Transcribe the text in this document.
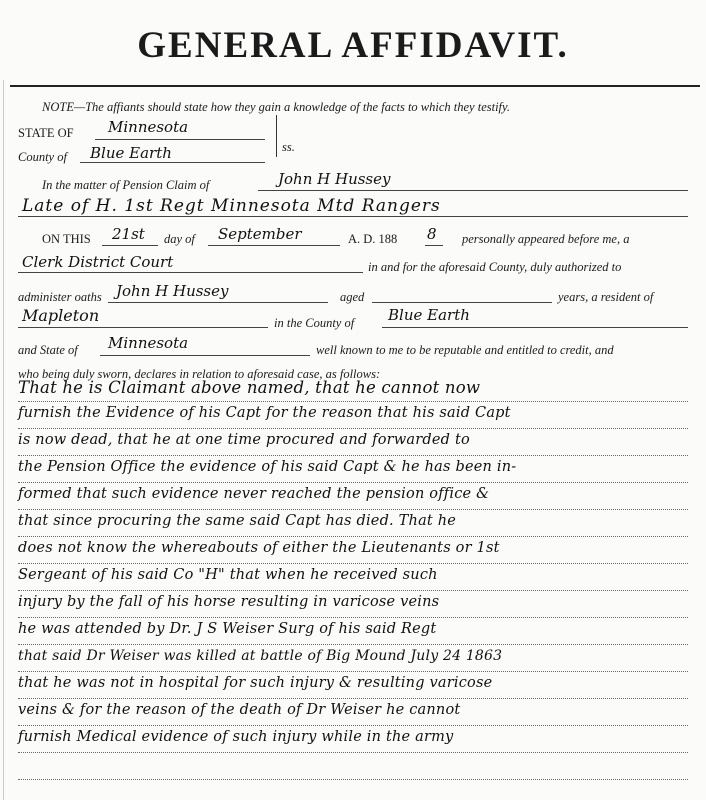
GENERAL AFFIDAVIT.
NOTE—The affiants should state how they gain a knowledge of the facts to which they testify.
STATE OF Minnesota
County of Blue Earth	ss.
In the matter of Pension Claim of	John H Hussey
Late of H. 1st Regt Minnesota Mtd Rangers
ON THIS 21st day of September	A. D. 188 8 personally appeared before me, a
Clerk District Court	in and for the aforesaid County, duly authorized to
administer oaths John H Hussey	aged	years, a resident of
Mapleton	in the County of Blue Earth
and State of Minnesota	well known to me to be reputable and entitled to credit, and
who being duly sworn, declares in relation to aforesaid case, as follows:
That he is Claimant above named, that he cannot now
furnish the Evidence of his Capt for the reason that his said Capt
is now dead, that he at one time procured and forwarded to
the Pension Office the evidence of his said Capt & he has been in-
formed that such evidence never reached the pension office &
that since procuring the same said Capt has died. That he
does not know the whereabouts of either the Lieutenants or 1st
Sergeant of his said Co "H" that when he received such
injury by the fall of his horse resulting in varicose veins
he was attended by Dr. J S Weiser Surg of his said Regt
that said Dr Weiser was killed at battle of Big Mound July 24 1863
that he was not in hospital for such injury & resulting varicose
veins & for the reason of the death of Dr Weiser he cannot
furnish Medical evidence of such injury while in the army
